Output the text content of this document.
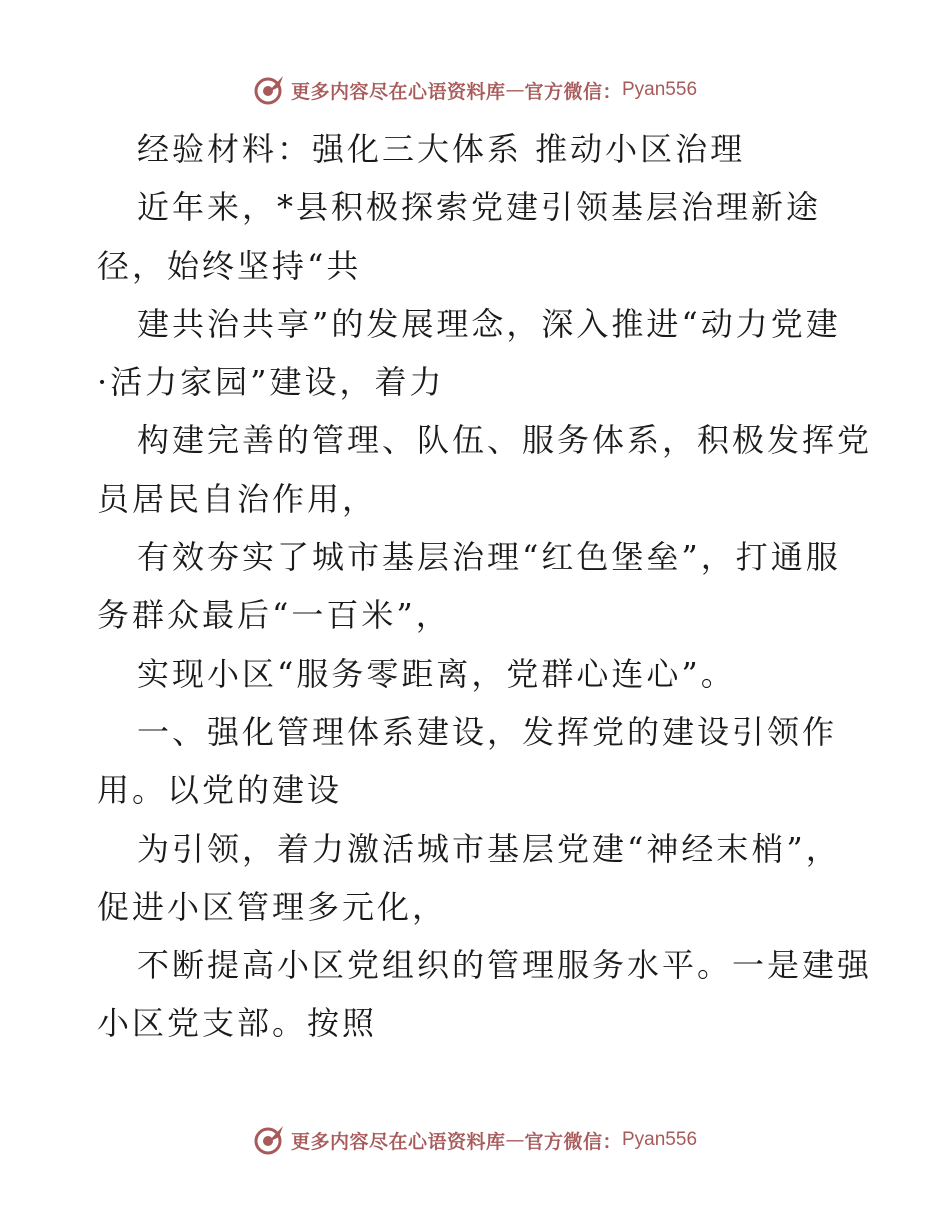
更多内容尽在心语资料库 — 官方微信： Pyan556
经验材料：强化三大体系 推动小区治理
近年来，*县积极探索党建引领基层治理新途
径，始终坚持“共
建共治共享”的发展理念，深入推进“动力党建
·活力家园”建设，着力
构建完善的管理、队伍、服务体系，积极发挥党
员居民自治作用，
有效夯实了城市基层治理“红色堡垒”，打通服
务群众最后“一百米”，
实现小区“服务零距离，党群心连心”。
一、强化管理体系建设，发挥党的建设引领作
用。以党的建设
为引领，着力激活城市基层党建“神经末梢”，
促进小区管理多元化，
不断提高小区党组织的管理服务水平。一是建强
小区党支部。按照
更多内容尽在心语资料库 — 官方微信： Pyan556
